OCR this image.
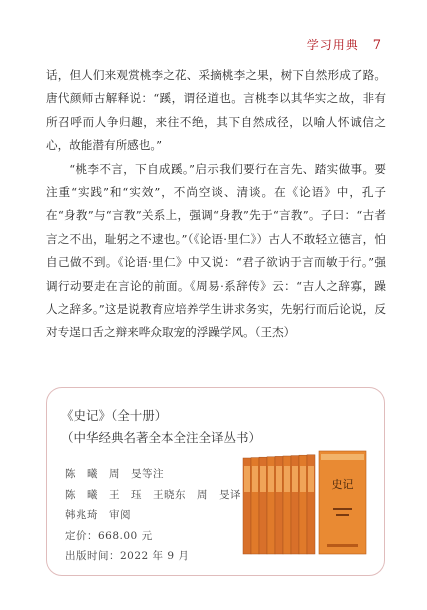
学习用典 7

话，但人们来观赏桃李之花、采摘桃李之果，树下自然形成了路。唐代颜师古解释说：“蹊，谓径道也。言桃李以其华实之故，非有所召呼而人争归趣，来往不绝，其下自然成径，以喻人怀诚信之心，故能潜有所感也。”

“桃李不言，下自成蹊。”启示我们要行在言先、踏实做事。要注重“实践”和“实效”，不尚空谈、清谈。在《论语》中，孔子在“身教”与“言教”关系上，强调“身教”先于“言教”。子曰：“古者言之不出，耻躬之不逮也。”（《论语·里仁》）古人不敢轻立德言，怕自己做不到。《论语·里仁》中又说：“君子欲讷于言而敏于行。”强调行动要走在言论的前面。《周易·系辞传》云：“吉人之辞寡，躁人之辞多。”这是说教育应培养学生讲求务实，先躬行而后论说，反对专逞口舌之辩来哗众取宠的浮躁学风。（王杰）

《史记》（全十册）
（中华经典名著全本全注全译丛书）
陈　曦　周　旻等注
陈　曦　王　珏　王晓东　周　旻译
韩兆琦　审阅
定价：668.00 元
出版时间：2022 年 9 月
史记
